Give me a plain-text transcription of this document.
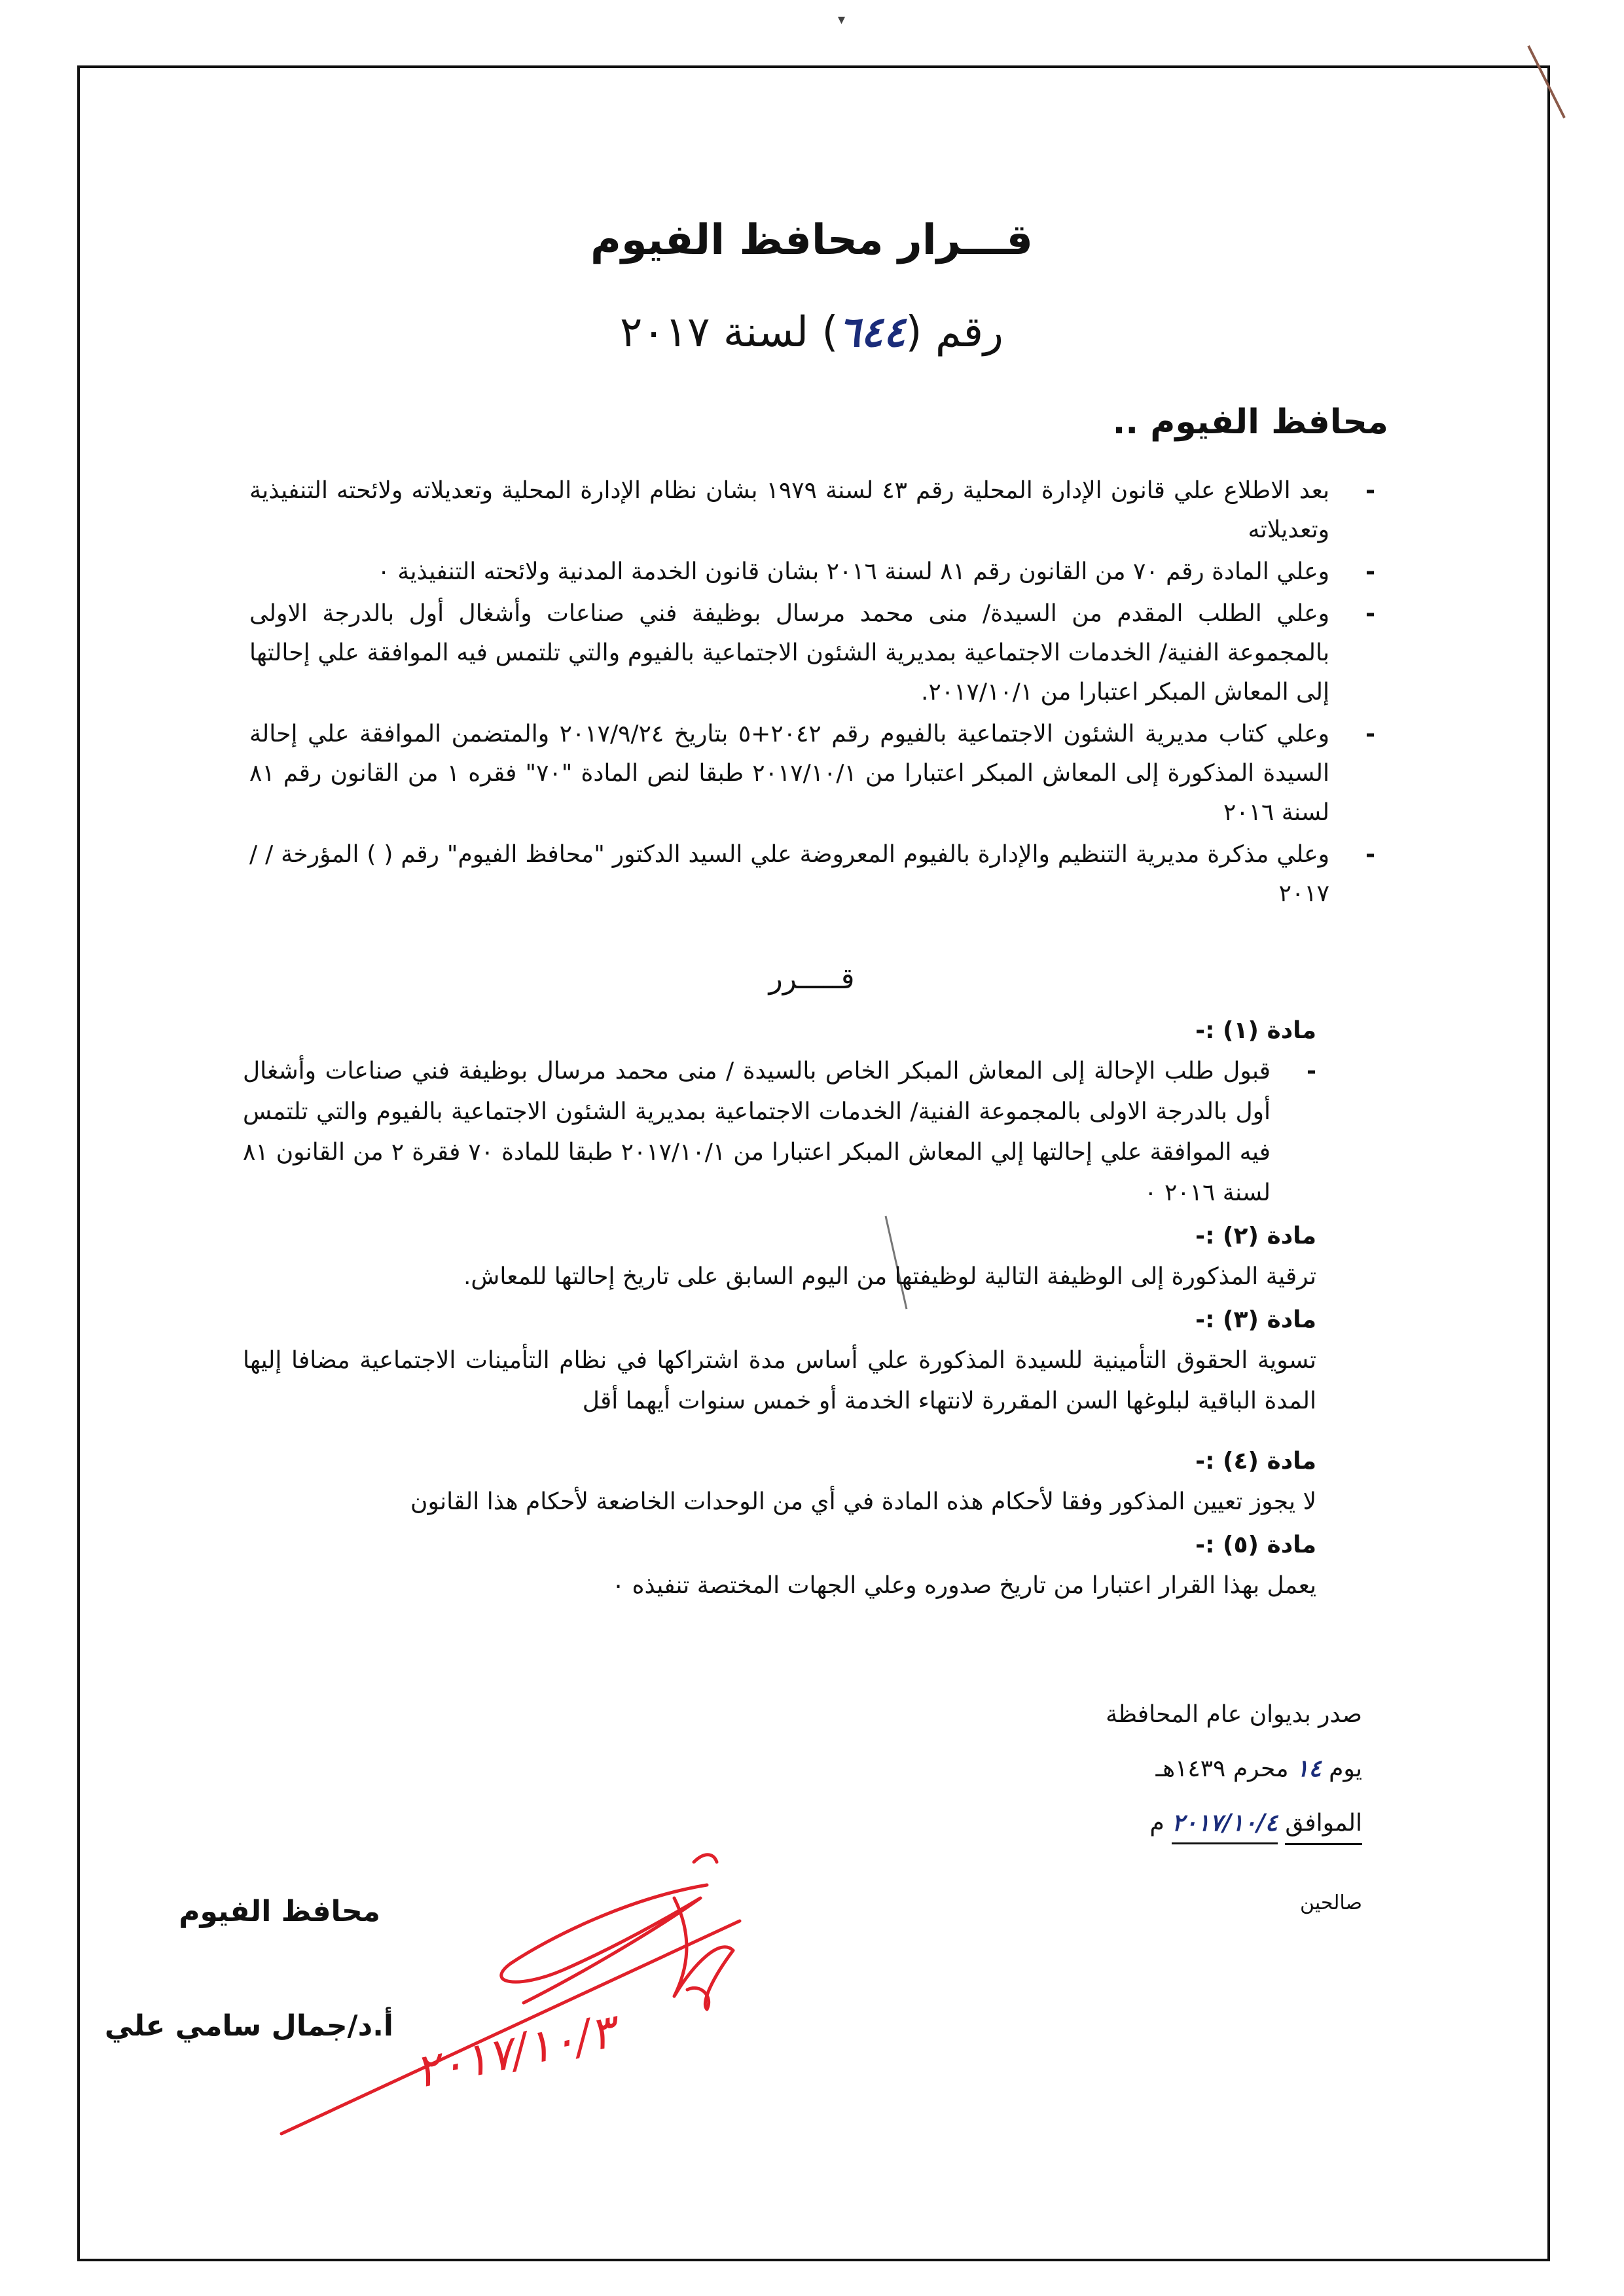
▾
قـــرار محافظ الفيوم
رقم (٦٤٤) لسنة ٢٠١٧
محافظ الفيوم ..
-
بعد الاطلاع علي قانون الإدارة المحلية رقم ٤٣ لسنة ١٩٧٩ بشان نظام الإدارة المحلية وتعديلاته ولائحته التنفيذية وتعديلاته
-
وعلي المادة رقم ٧٠ من القانون رقم ٨١ لسنة ٢٠١٦ بشان قانون الخدمة المدنية ولائحته التنفيذية ٠
-
وعلي الطلب المقدم من السيدة/ منى محمد مرسال بوظيفة فني صناعات وأشغال أول بالدرجة الاولى بالمجموعة الفنية/ الخدمات الاجتماعية بمديرية الشئون الاجتماعية بالفيوم والتي تلتمس فيه الموافقة علي إحالتها إلى المعاش المبكر اعتبارا من ٢٠١٧/١٠/١.
-
وعلي كتاب مديرية الشئون الاجتماعية بالفيوم رقم ٢٠٤٢+٥ بتاريخ ٢٠١٧/٩/٢٤ والمتضمن الموافقة علي إحالة السيدة المذكورة إلى المعاش المبكر اعتبارا من ٢٠١٧/١٠/١ طبقا لنص المادة "٧٠" فقره ١ من القانون رقم ٨١ لسنة ٢٠١٦
-
وعلي مذكرة مديرية التنظيم والإدارة بالفيوم المعروضة علي السيد الدكتور "محافظ الفيوم" رقم ( ) المؤرخة / / ٢٠١٧
قـــــرر
مادة (١) :-
-
قبول طلب الإحالة إلى المعاش المبكر الخاص بالسيدة / منى محمد مرسال بوظيفة فني صناعات وأشغال أول بالدرجة الاولى بالمجموعة الفنية/ الخدمات الاجتماعية بمديرية الشئون الاجتماعية بالفيوم والتي تلتمس فيه الموافقة علي إحالتها إلي المعاش المبكر اعتبارا من ٢٠١٧/١٠/١ طبقا للمادة ٧٠ فقرة ٢ من القانون ٨١ لسنة ٢٠١٦ ٠
مادة (٢) :-
ترقية المذكورة إلى الوظيفة التالية لوظيفتها من اليوم السابق على تاريخ إحالتها للمعاش.
مادة (٣) :-
تسوية الحقوق التأمينية للسيدة المذكورة علي أساس مدة اشتراكها في نظام التأمينات الاجتماعية مضافا إليها المدة الباقية لبلوغها السن المقررة لانتهاء الخدمة أو خمس سنوات أيهما أقل
مادة (٤) :-
لا يجوز تعيين المذكور وفقا لأحكام هذه المادة في أي من الوحدات الخاضعة لأحكام هذا القانون
مادة (٥) :-
يعمل بهذا القرار اعتبارا من تاريخ صدوره وعلي الجهات المختصة تنفيذه ٠
صدر بديوان عام المحافظة
يوم ١٤ محرم ١٤٣٩هـ
الموافق ٢٠١٧/١٠/٤ م
صالحين
محافظ الفيوم
أ.د/جمال سامي علي ٢٠١٧/١٠/٣
